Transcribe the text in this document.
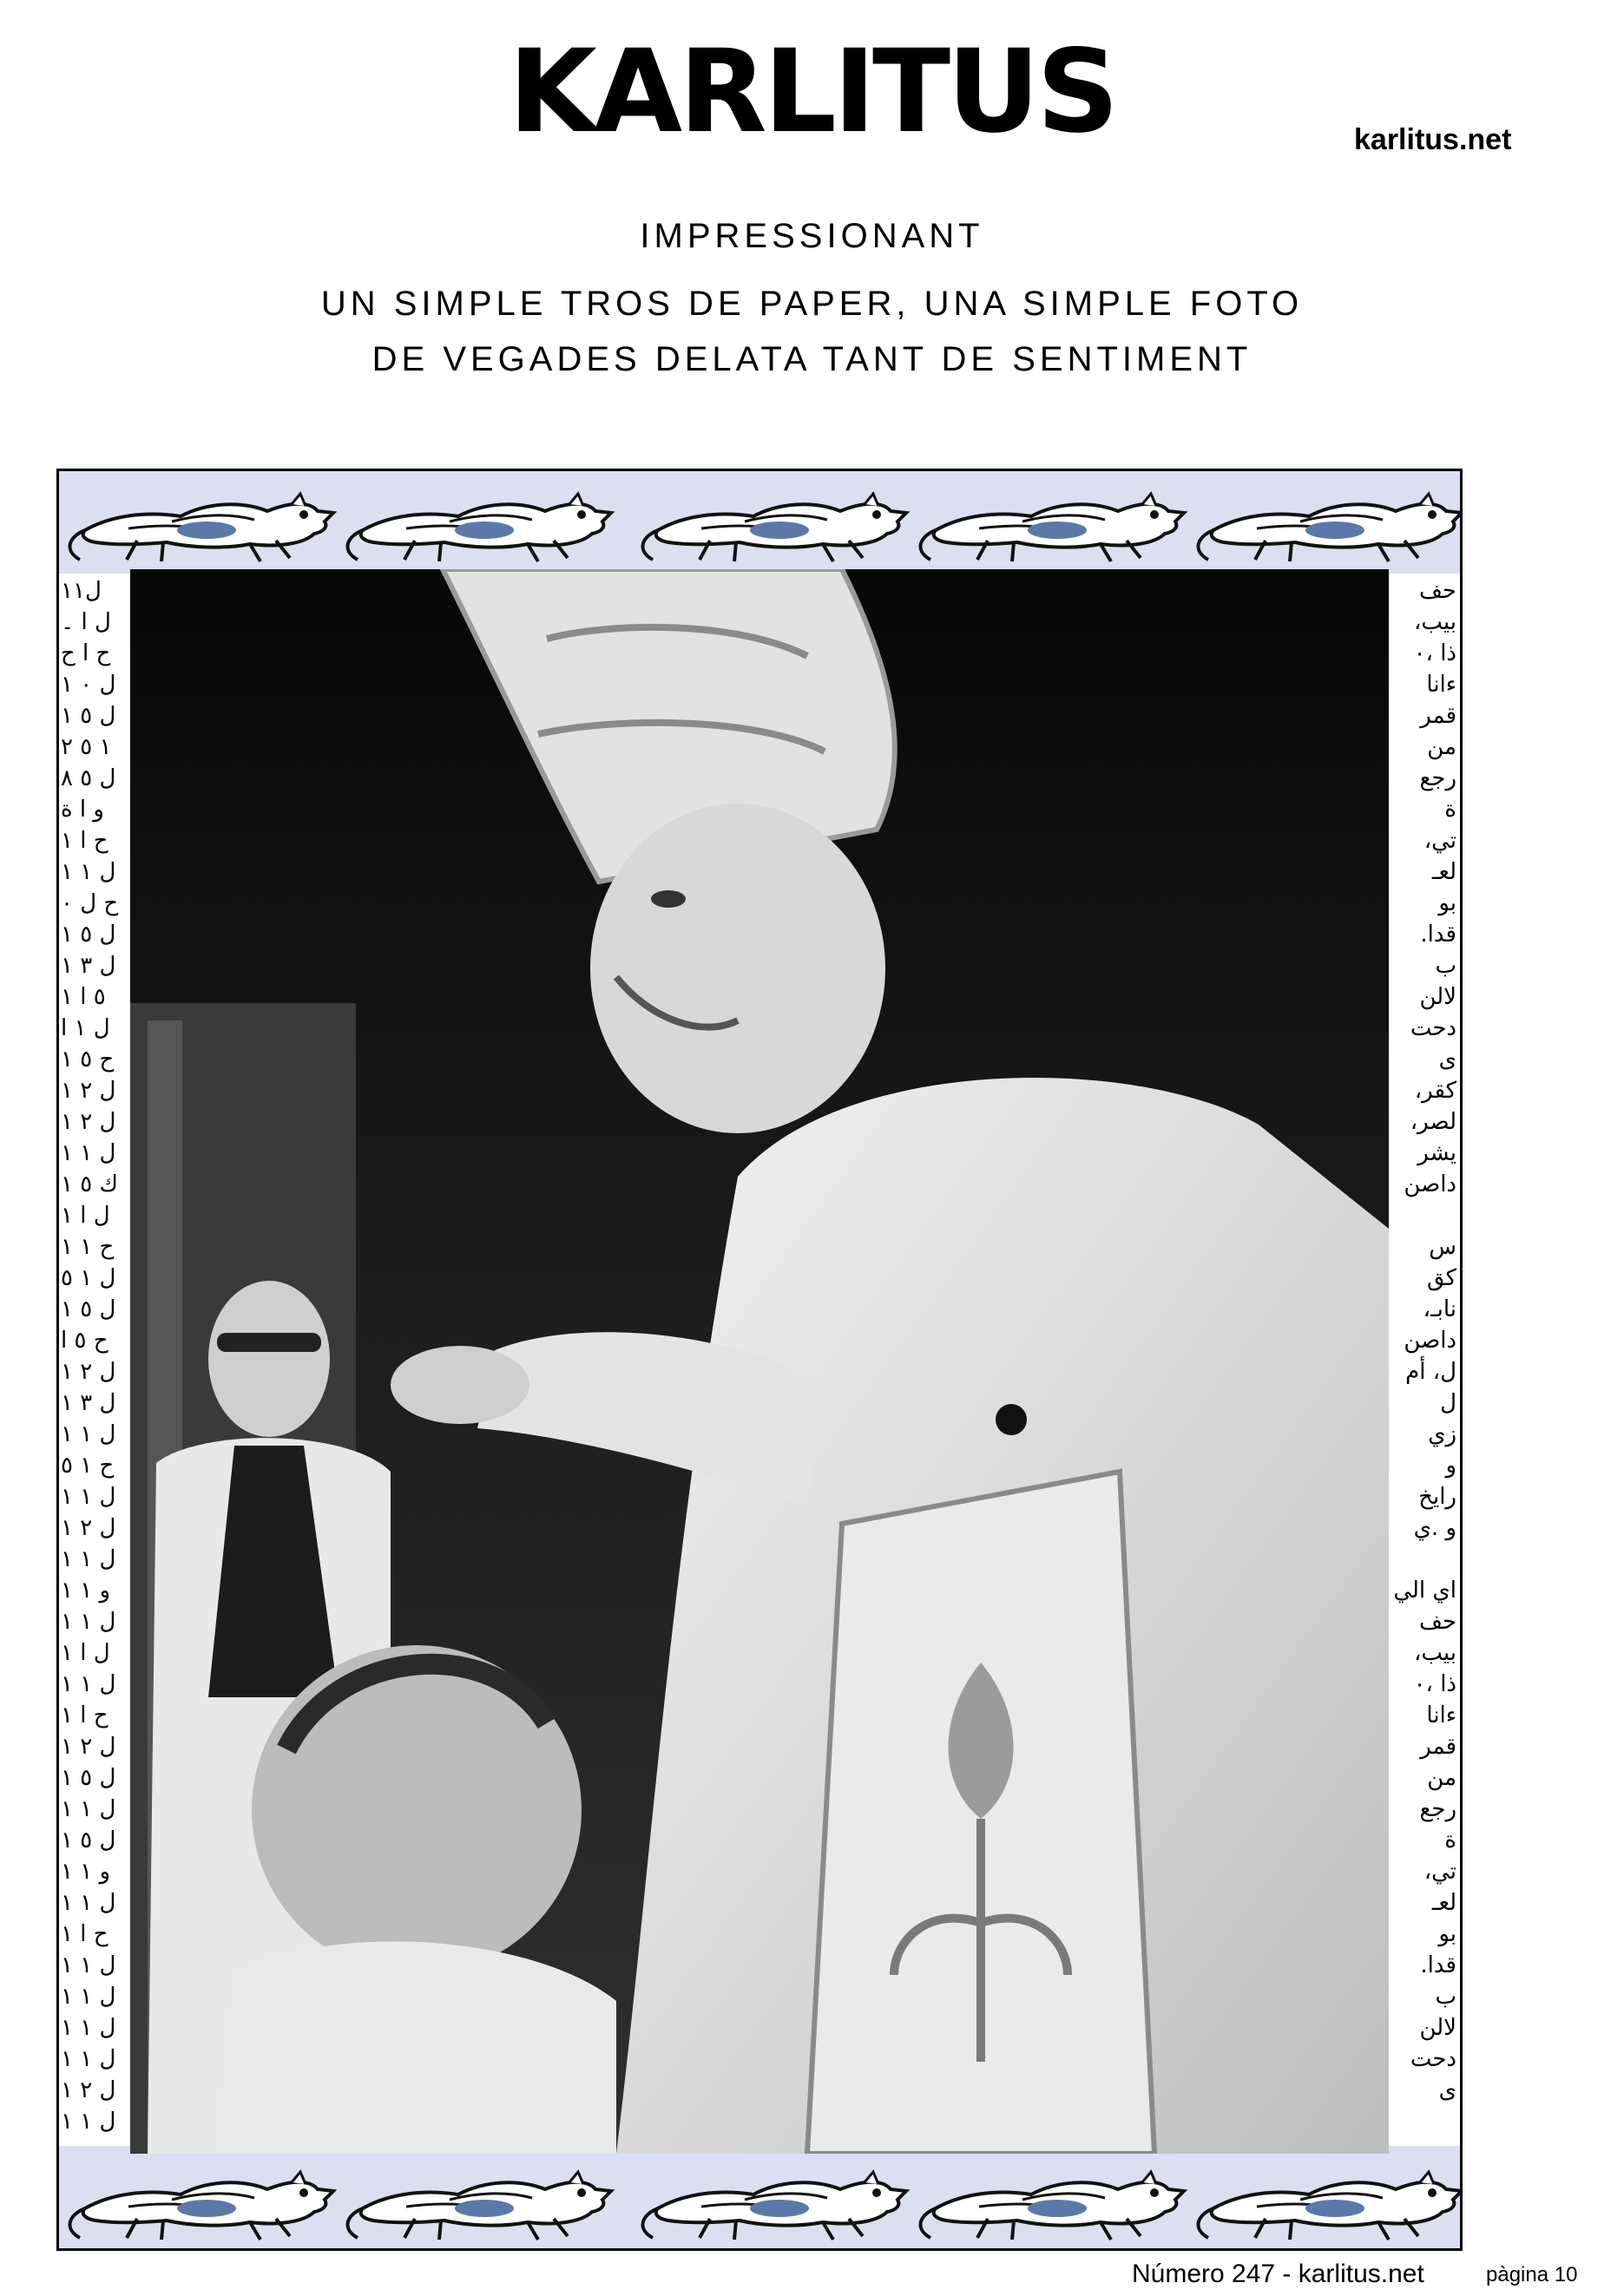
KARLITUS	karlitus.net
IMPRESSIONANT
UN SIMPLE TROS DE PAPER, UNA SIMPLE FOTO
DE VEGADES DELATA TANT DE SENTIMENT
ل١١
ل ا ۔
ح ا ح
ل ٠ ١
ل ٥ ١
١ ٥ ٢
ل ٥ ٨
و ا ة
ح ا ١
ل ١ ١
ح ل ٠
ل ٥ ١
ل ٣ ١
٥ ا ١
ل ١ ا
ح ٥ ١
ل ٢ ١
ل ٢ ١
ل ١ ١
ك ٥ ١
ل ا ١
ح ١ ١
ل ١ ٥
ل ٥ ١
ح ٥ ا
ل ٢ ١
ل ٣ ١
ل ١ ١
ح ١ ٥
ل ١ ١
ل ٢ ١
ل ١ ١
و ١ ١
ل ١ ١
ل ا ١
ل ١ ١
ح ا ١
ل ٢ ١
ل ٥ ١
ل ١ ١
ل ٥ ١
و ١ ١
ل ١ ١
ح ا ١
ل ١ ١
ل ١ ١
ل ١ ١
ل ١ ١
ل ٢ ١
ل ١ ١
حف
بيب،
ذا ،٠
ءانا
قمر
من
رجع
ة
تي،
لعـ
بو
قدا.
ب
لالن
دحت
ى
كقر،
لصر،
يشر
داصن
س
كق
نابـ،
داصن
ل، أم
ل
زي
و
رايخ
و .ي
اي الي
حف
بيب،
ذا ،٠
ءانا
قمر
من
رجع
ة
تي،
لعـ
بو
قدا.
ب
لالن
دحت
ى
Número 247 - karlitus.net	pàgina 10
